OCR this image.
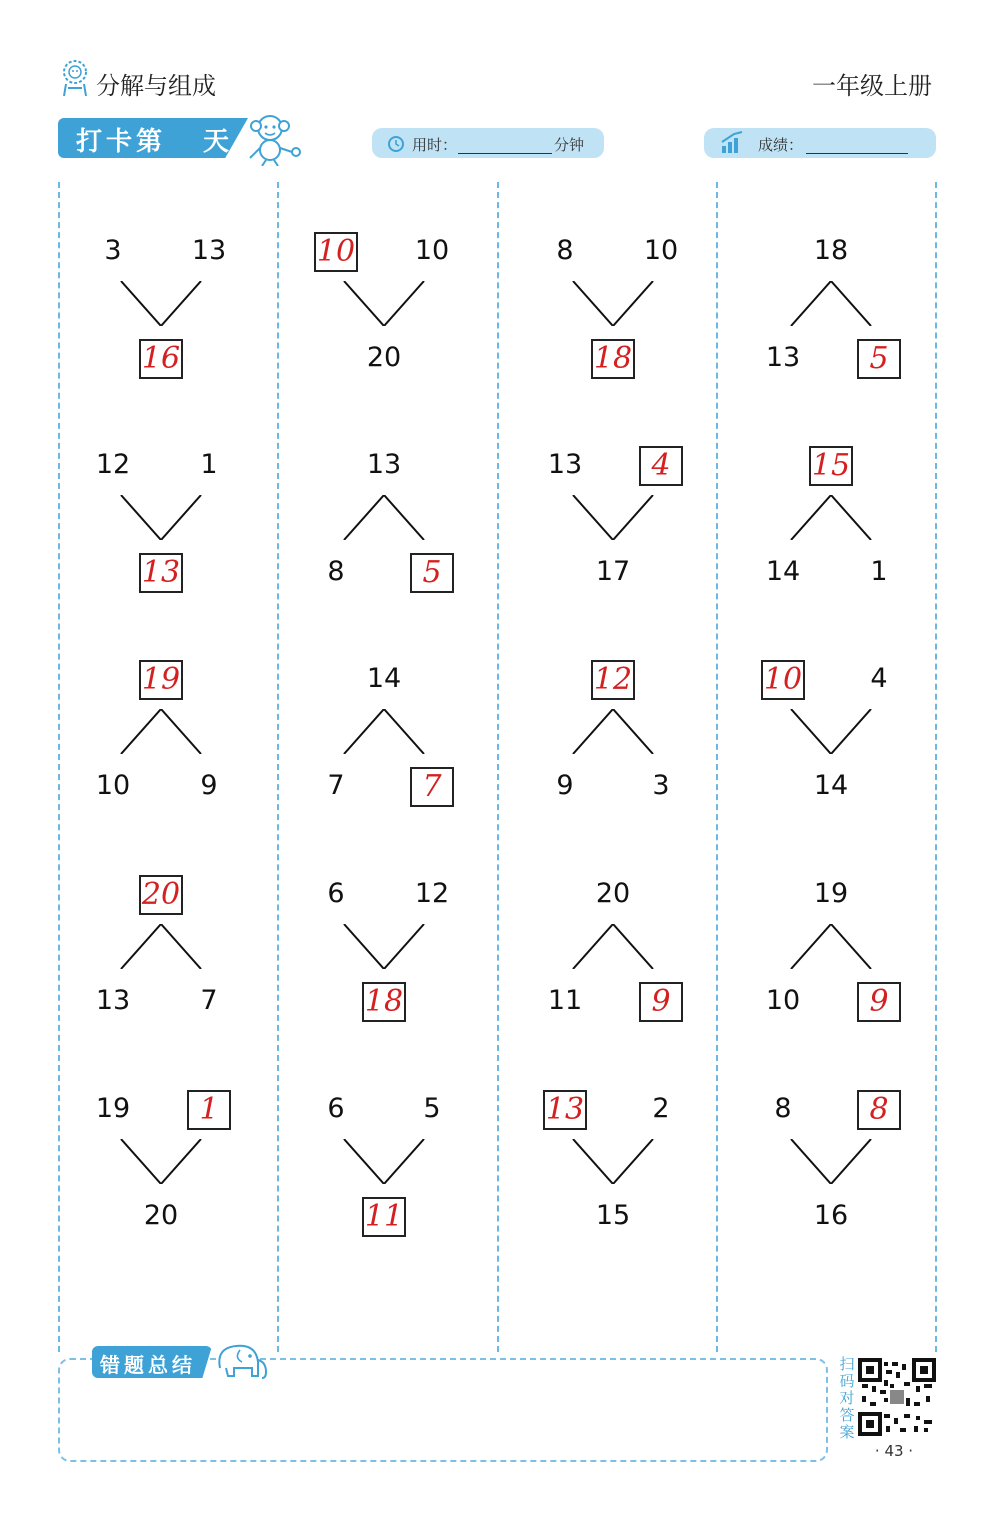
分解与组成	一年级上册
打卡第 天	用时：	分钟	成绩：
3	13
16
12	1
13
19
10	9
20
13	7
19	1
20
10	10
20
13
8	5
14
7	7
6	12
18
6	5
11
8	10
18
13	4
17
12
9	3
20
11	9
13	2
15
18
13	5
15
14	1
10	4
14
19
10	9
8	8
16
错题总结	扫码对答案
· 43 ·
